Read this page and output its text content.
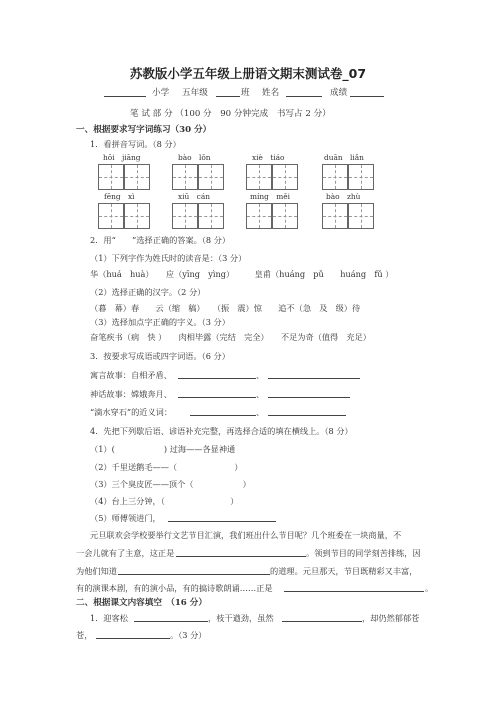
苏教版小学五年级上册语文期末测试卷_07
小学 五年级	班 姓名	成绩
笔 试 部 分 （100 分　90 分钟完成　书写占 2 分）
一、根据要求写字词练习（30 分）
1．看拼音写词。（8 分）
hōi　jiāng	bào　lǒn	xiè　tiáo	duān　liǎn
fēng　xì	xiū　cán	míng　měi	bào　zhù
2．用“　　”选择正确的答案。（8 分）
（1）下列字作为姓氏时的读音是：（3 分）
华（huá　huà）　　应（yīng　yìng）　　　皇甫（huáng　pǔ　　huáng　fǔ ）
（2）选择正确的汉字。（2 分）
（暮　幕）春　　云（缩　稿）　　（振　震）惊　　追不（急　及　级）待
（3）选择加点字正确的字义。（3 分）
奋笔疾书（病　快 ）　　肉相毕露（完结　完全）　　不足为奇（值得　充足）
3．按要求写成语或四字词语。（6 分）
寓言故事：自相矛盾、	、
神话故事：嫦娥奔月、	、
“滴水穿石”的近义词：	、
4．先把下列歇后语、谚语补充完整，再选择合适的填在横线上。（8 分）
（1）(　　　　　　) 过海——各显神通
（2）千里送鹅毛——（　　　　　　　）
（3）三个臭皮匠——顶个（　　　　　　）
（4）台上三分钟，（　　　　　　　　）
（5）师傅领进门，
元旦联欢会学校要举行文艺节目汇演，我们班出什么节目呢？几个班委在一块商量，不
一会儿就有了主意，这正是	。领到节目的同学刻苦排练，因
为他们知道	的道理。元旦那天，节目既精彩又丰富，
有的演课本剧，有的演小品，有的搞诗歌朗诵……正是	。
二、根据课文内容填空　（16 分）
1．迎客松	，枝干遒劲，虽然	，却仍然郁郁苍
苍，	。（3 分）
